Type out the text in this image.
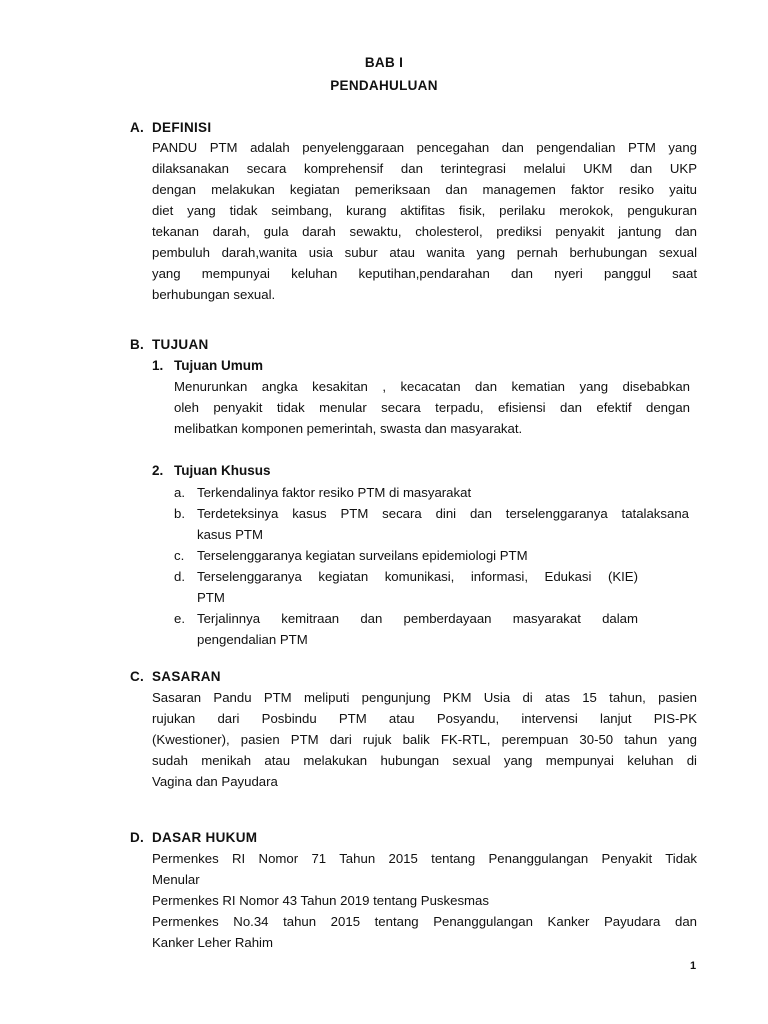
BAB I
PENDAHULUAN
A. DEFINISI
PANDU PTM adalah penyelenggaraan pencegahan dan pengendalian PTM yang
dilaksanakan secara komprehensif dan terintegrasi melalui UKM dan UKP
dengan melakukan kegiatan pemeriksaan dan managemen faktor resiko yaitu
diet yang tidak seimbang, kurang aktifitas fisik, perilaku merokok, pengukuran
tekanan darah, gula darah sewaktu, cholesterol, prediksi penyakit jantung dan
pembuluh darah,wanita usia subur atau wanita yang pernah berhubungan sexual
yang mempunyai keluhan keputihan,pendarahan dan nyeri panggul saat
berhubungan sexual.
B. TUJUAN
1. Tujuan Umum
Menurunkan angka kesakitan , kecacatan dan kematian yang disebabkan
oleh penyakit tidak menular secara terpadu, efisiensi dan efektif dengan
melibatkan komponen pemerintah, swasta dan masyarakat.
2. Tujuan Khusus
a. Terkendalinya faktor resiko PTM di masyarakat
b. Terdeteksinya kasus PTM secara dini dan terselenggaranya tatalaksana
kasus PTM
c. Terselenggaranya kegiatan surveilans epidemiologi PTM
d. Terselenggaranya kegiatan komunikasi, informasi, Edukasi (KIE)
PTM
e. Terjalinnya kemitraan dan pemberdayaan masyarakat dalam
pengendalian PTM
C. SASARAN
Sasaran Pandu PTM meliputi pengunjung PKM Usia di atas 15 tahun, pasien
rujukan dari Posbindu PTM atau Posyandu, intervensi lanjut PIS-PK
(Kwestioner), pasien PTM dari rujuk balik FK-RTL, perempuan 30-50 tahun yang
sudah menikah atau melakukan hubungan sexual yang mempunyai keluhan di
Vagina dan Payudara
D. DASAR HUKUM
Permenkes RI Nomor 71 Tahun 2015 tentang Penanggulangan Penyakit Tidak
Menular
Permenkes RI Nomor 43 Tahun 2019 tentang Puskesmas
Permenkes No.34 tahun 2015 tentang Penanggulangan Kanker Payudara dan
Kanker Leher Rahim
1
